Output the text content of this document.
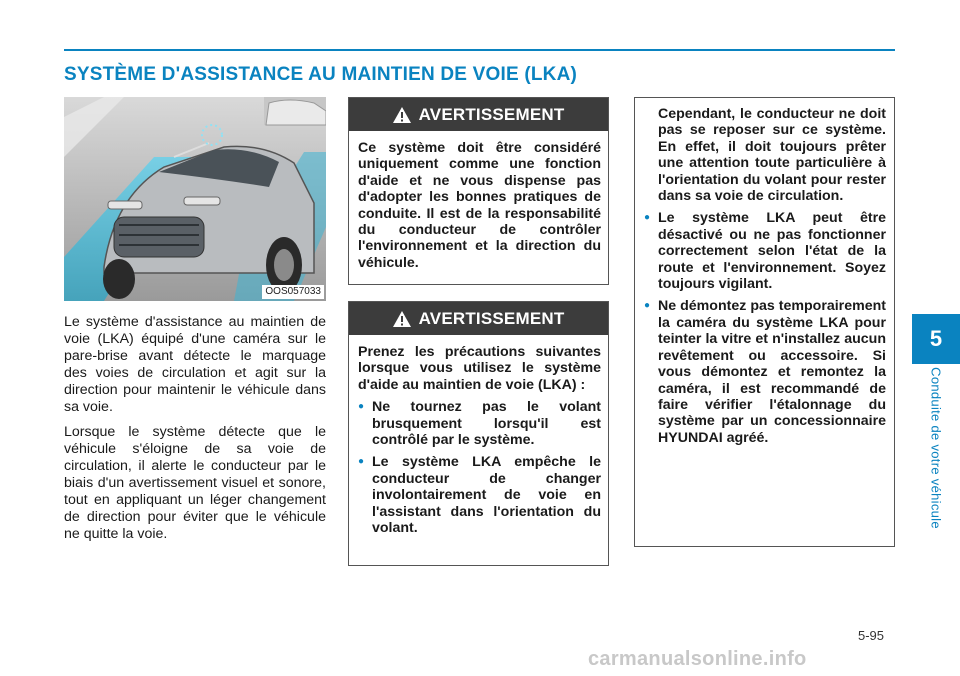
SYSTÈME D'ASSISTANCE AU MAINTIEN DE VOIE (LKA)
5
Conduite de votre véhicule
OOS057033

Le système d'assistance au maintien de voie (LKA) équipé d'une caméra sur le pare-brise avant détecte le marquage des voies de circulation et agit sur la direction pour maintenir le véhicule dans sa voie.

Lorsque le système détecte que le véhicule s'éloigne de sa voie de circulation, il alerte le conducteur par le biais d'un avertissement visuel et sonore, tout en appliquant un léger changement de direction pour éviter que le véhicule ne quitte la voie.

AVERTISSEMENT

Ce système doit être considéré uniquement comme une fonction d'aide et ne vous dispense pas d'adopter les bonnes pratiques de conduite. Il est de la responsabilité du conducteur de contrôler l'environnement et la direction du véhicule.

AVERTISSEMENT

Prenez les précautions suivantes lorsque vous utilisez le système d'aide au maintien de voie (LKA) :

● Ne tournez pas le volant brusquement lorsqu'il est contrôlé par le système.
● Le système LKA empêche le conducteur de changer involontairement de voie en l'assistant dans l'orientation du volant.

Cependant, le conducteur ne doit pas se reposer sur ce système. En effet, il doit toujours prêter une attention toute particulière à l'orientation du volant pour rester dans sa voie de circulation.

● Le système LKA peut être désactivé ou ne pas fonctionner correctement selon l'état de la route et l'environnement. Soyez toujours vigilant.
● Ne démontez pas temporairement la caméra du système LKA pour teinter la vitre et n'installez aucun revêtement ou accessoire. Si vous démontez et remontez la caméra, il est recommandé de faire vérifier l'étalonnage du système par un concessionnaire HYUNDAI agréé.
5-95
carmanualsonline.info
